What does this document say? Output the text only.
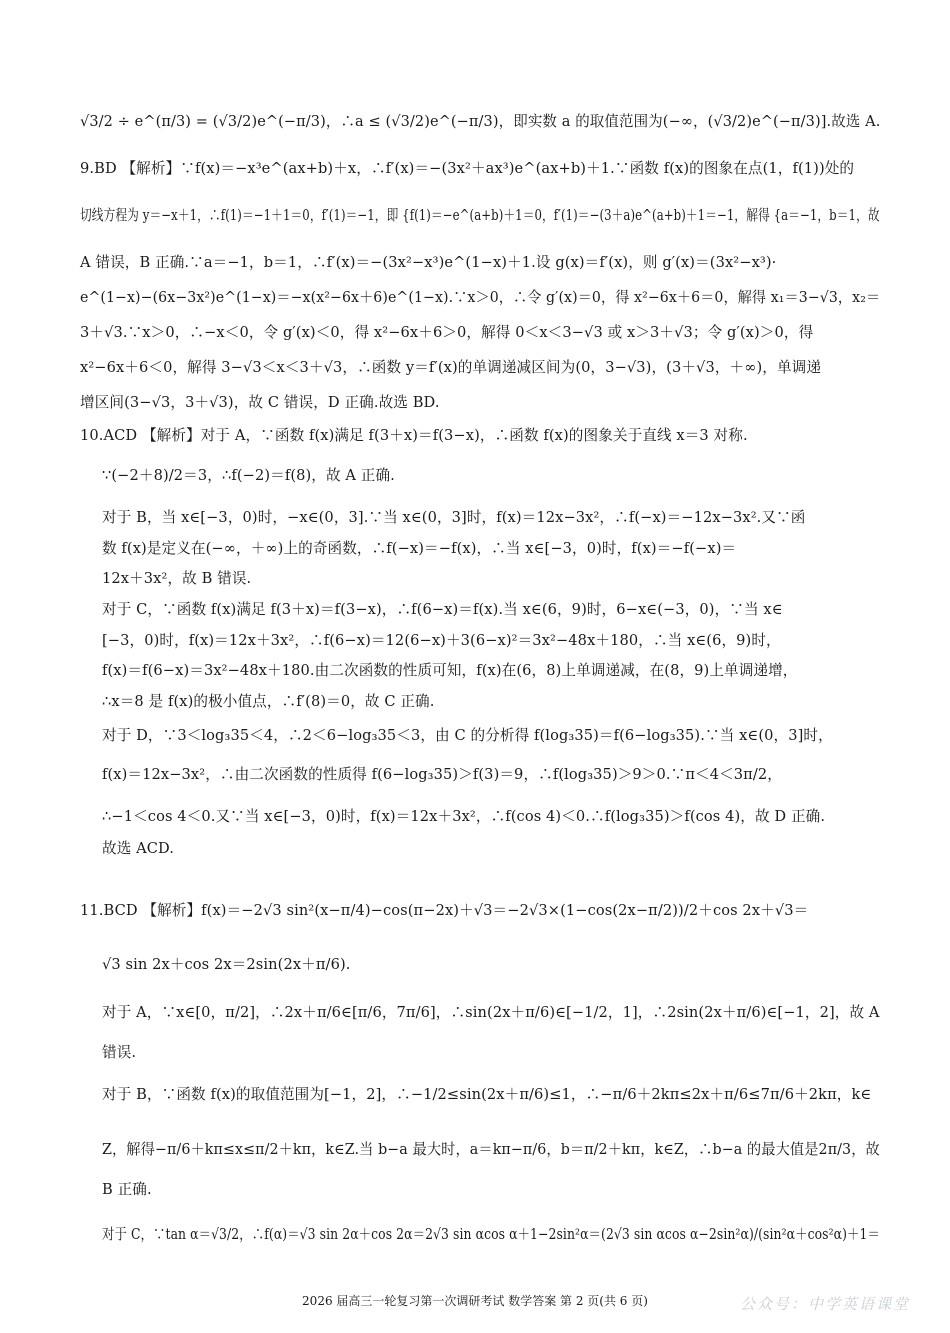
√3/2 ÷ e^(π/3) = (√3/2)e^(−π/3)，∴a ≤ (√3/2)e^(−π/3)，即实数 a 的取值范围为(−∞，(√3/2)e^(−π/3)].故选 A.
9.BD 【解析】∵f(x)＝−x³e^(ax+b)＋x，∴f′(x)＝−(3x²＋ax³)e^(ax+b)＋1.∵函数 f(x)的图象在点(1，f(1))处的
切线方程为 y＝−x＋1，∴f(1)＝−1＋1＝0，f′(1)＝−1，即 {f(1)＝−e^(a+b)＋1＝0，f′(1)＝−(3＋a)e^(a+b)＋1＝−1，解得 {a＝−1，b＝1，故
A 错误，B 正确.∵a＝−1，b＝1，∴f′(x)＝−(3x²−x³)e^(1−x)＋1.设 g(x)＝f′(x)，则 g′(x)＝(3x²−x³)·
e^(1−x)−(6x−3x²)e^(1−x)＝−x(x²−6x＋6)e^(1−x).∵x＞0，∴令 g′(x)＝0，得 x²−6x＋6＝0，解得 x₁＝3−√3，x₂＝
3＋√3.∵x＞0，∴−x＜0，令 g′(x)＜0，得 x²−6x＋6＞0，解得 0＜x＜3−√3 或 x＞3＋√3；令 g′(x)＞0，得
x²−6x＋6＜0，解得 3−√3＜x＜3＋√3，∴函数 y＝f′(x)的单调递减区间为(0，3−√3)，(3＋√3，＋∞)，单调递
增区间(3−√3，3＋√3)，故 C 错误，D 正确.故选 BD.
10.ACD 【解析】对于 A，∵函数 f(x)满足 f(3＋x)＝f(3−x)，∴函数 f(x)的图象关于直线 x＝3 对称.
∵(−2＋8)/2＝3，∴f(−2)＝f(8)，故 A 正确.
对于 B，当 x∈[−3，0)时，−x∈(0，3].∵当 x∈(0，3]时，f(x)＝12x−3x²，∴f(−x)＝−12x−3x².又∵函
数 f(x)是定义在(−∞，＋∞)上的奇函数，∴f(−x)＝−f(x)，∴当 x∈[−3，0)时，f(x)＝−f(−x)＝
12x＋3x²，故 B 错误.
对于 C，∵函数 f(x)满足 f(3＋x)＝f(3−x)，∴f(6−x)＝f(x).当 x∈(6，9)时，6−x∈(−3，0)，∵当 x∈
[−3，0)时，f(x)＝12x＋3x²，∴f(6−x)＝12(6−x)＋3(6−x)²＝3x²−48x＋180，∴当 x∈(6，9)时，
f(x)＝f(6−x)＝3x²−48x＋180.由二次函数的性质可知，f(x)在(6，8)上单调递减，在(8，9)上单调递增，
∴x＝8 是 f(x)的极小值点，∴f′(8)＝0，故 C 正确.
对于 D，∵3＜log₃35＜4，∴2＜6−log₃35＜3，由 C 的分析得 f(log₃35)＝f(6−log₃35).∵当 x∈(0，3]时，
f(x)＝12x−3x²，∴由二次函数的性质得 f(6−log₃35)＞f(3)＝9，∴f(log₃35)＞9＞0.∵π＜4＜3π/2，
∴−1＜cos 4＜0.又∵当 x∈[−3，0)时，f(x)＝12x＋3x²，∴f(cos 4)＜0.∴f(log₃35)＞f(cos 4)，故 D 正确.
故选 ACD.
11.BCD 【解析】f(x)＝−2√3 sin²(x−π/4)−cos(π−2x)＋√3＝−2√3×(1−cos(2x−π/2))/2＋cos 2x＋√3＝
√3 sin 2x＋cos 2x＝2sin(2x＋π/6).
对于 A，∵x∈[0，π/2]，∴2x＋π/6∈[π/6，7π/6]，∴sin(2x＋π/6)∈[−1/2，1]，∴2sin(2x＋π/6)∈[−1，2]，故 A
错误.
对于 B，∵函数 f(x)的取值范围为[−1，2]，∴−1/2≤sin(2x＋π/6)≤1，∴−π/6＋2kπ≤2x＋π/6≤7π/6＋2kπ，k∈
Z，解得−π/6＋kπ≤x≤π/2＋kπ，k∈Z.当 b−a 最大时，a＝kπ−π/6，b＝π/2＋kπ，k∈Z，∴b−a 的最大值是2π/3，故
B 正确.
对于 C，∵tan α＝√3/2，∴f(α)＝√3 sin 2α＋cos 2α＝2√3 sin αcos α＋1−2sin²α＝(2√3 sin αcos α−2sin²α)/(sin²α＋cos²α)＋1＝
2026 届高三一轮复习第一次调研考试 数学答案 第 2 页(共 6 页)	公众号：中学英语课堂
